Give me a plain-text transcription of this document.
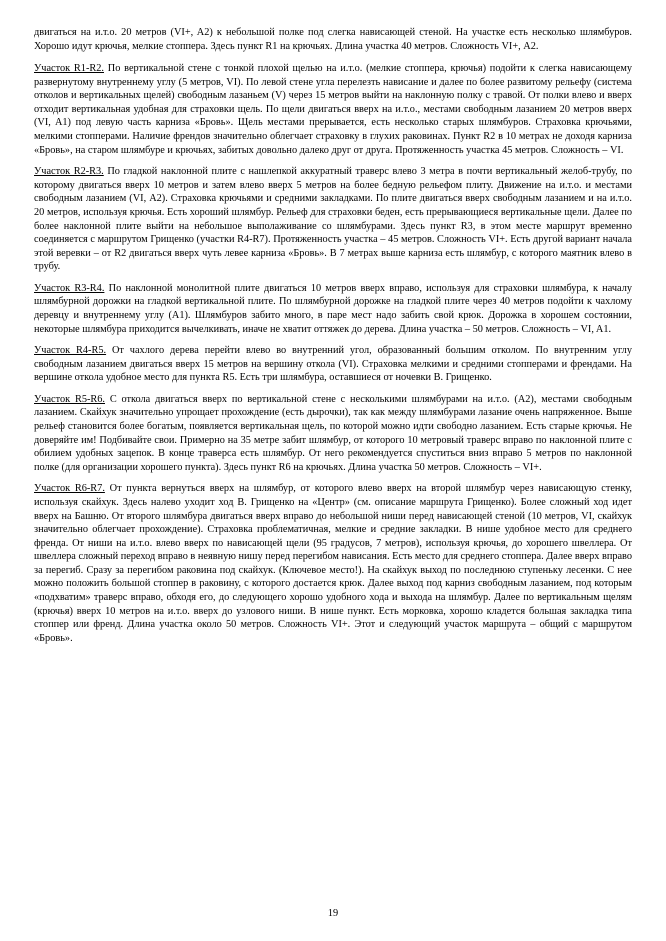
двигаться на и.т.о. 20 метров (VI+, A2) к небольшой полке под слегка нависающей стеной. На участке есть несколько шлямбуров. Хорошо идут крючья, мелкие стоппера. Здесь пункт R1 на крючьях. Длина участка 40 метров. Сложность VI+, А2.

Участок R1-R2. По вертикальной стене с тонкой плохой щелью на и.т.о. (мелкие стоппера, крючья) подойти к слегка нависающему развернутому внутреннему углу (5 метров, VI). По левой стене угла перелезть нависание и далее по более развитому рельефу (система отколов и вертикальных щелей) свободным лазаньем (V) через 15 метров выйти на наклонную полку с травой. От полки влево и вверх отходит вертикальная удобная для страховки щель. По щели двигаться вверх на и.т.о., местами свободным лазанием 20 метров вверх (VI, A1) под левую часть карниза «Бровь». Щель местами прерывается, есть несколько старых шлямбуров. Страховка крючьями, мелкими стопперами. Наличие френдов значительно облегчает страховку в глухих раковинах. Пункт R2 в 10 метрах не доходя карниза «Бровь», на старом шлямбуре и крючьях, забитых довольно далеко друг от друга. Протяженность участка 45 метров. Сложность – VI.

Участок R2-R3. По гладкой наклонной плите с нашлепкой аккуратный траверс влево 3 метра в почти вертикальный желоб-трубу, по которому двигаться вверх 10 метров и затем влево вверх 5 метров на более бедную рельефом плиту. Движение на и.т.о. и местами свободным лазанием (VI, А2). Страховка крючьями и средними закладками. По плите двигаться вверх свободным лазанием и на и.т.о. 20 метров, используя крючья. Есть хороший шлямбур. Рельеф для страховки беден, есть прерывающиеся вертикальные щели. Далее по более наклонной плите выйти на небольшое выполаживание со шлямбурами. Здесь пункт R3, в этом месте маршрут временно соединяется с маршрутом Грищенко (участки R4-R7). Протяженность участка – 45 метров. Сложность VI+. Есть другой вариант начала этой веревки – от R2 двигаться вверх чуть левее карниза «Бровь». В 7 метрах выше карниза есть шлямбур, с которого маятник влево в трубу.

Участок R3-R4. По наклонной монолитной плите двигаться 10 метров вверх вправо, используя для страховки шлямбура, к началу шлямбурной дорожки на гладкой вертикальной плите. По шлямбурной дорожке на гладкой плите через 40 метров подойти к чахлому деревцу и внутреннему углу (А1). Шлямбуров забито много, в паре мест надо забить свой крюк. Дорожка в хорошем состоянии, некоторые шлямбура приходится вычелкивать, иначе не хватит оттяжек до дерева. Длина участка – 50 метров. Сложность – VI, A1.

Участок R4-R5. От чахлого дерева перейти влево во внутренний угол, образованный большим отколом. По внутренним углу свободным лазанием двигаться вверх 15 метров на вершину откола (VI). Страховка мелкими и средними стопперами и френдами. На вершине откола удобное место для пункта R5. Есть три шлямбура, оставшиеся от ночевки В. Грищенко.

Участок R5-R6. С откола двигаться вверх по вертикальной стене с несколькими шлямбурами на и.т.о. (А2), местами свободным лазанием. Скайхук значительно упрощает прохождение (есть дырочки), так как между шлямбурами лазание очень напряженное. Выше рельеф становится более богатым, появляется вертикальная щель, по которой можно идти свободно лазанием. Есть старые крючья. Не доверяйте им! Подбивайте свои. Примерно на 35 метре забит шлямбур, от которого 10 метровый траверс вправо по наклонной плите с обилием удобных зацепок. В конце траверса есть шлямбур. От него рекомендуется спуститься вниз вправо 5 метров по наклонной полке (для организации хорошего пункта). Здесь пункт R6 на крючьях. Длина участка 50 метров. Сложность – VI+.

Участок R6-R7. От пункта вернуться вверх на шлямбур, от которого влево вверх на второй шлямбур через нависающую стенку, используя скайхук. Здесь налево уходит ход В. Грищенко на «Центр» (см. описание маршрута Грищенко). Более сложный ход идет вверх на Башню. От второго шлямбура двигаться вверх вправо до небольшой ниши перед нависающей стеной (10 метров, VI, скайхук значительно облегчает прохождение). Страховка проблематичная, мелкие и средние закладки. В нише удобное место для среднего френда. От ниши на и.т.о. влево вверх по нависающей щели (95 градусов, 7 метров), используя крючья, до хорошего швеллера. От швеллера сложный переход вправо в неявную нишу перед перегибом нависания. Есть место для среднего стоппера. Далее вверх вправо за перегиб. Сразу за перегибом раковина под скайхук. (Ключевое место!). На скайхук выход по последнюю ступеньку лесенки. С нее можно положить большой стоппер в раковину, с которого достается крюк. Далее выход под карниз свободным лазанием, под которым «подхватим» траверс вправо, обходя его, до следующего хорошо удобного хода и выхода на шлямбур. Далее по вертикальным щелям (крючья) вверх 10 метров на и.т.о. вверх до узлового ниши. В нише пункт. Есть морковка, хорошо кладется большая закладка типа стоппер или френд. Длина участка около 50 метров. Сложность VI+. Этот и следующий участок маршрута – общий с маршрутом «Бровь».

19
